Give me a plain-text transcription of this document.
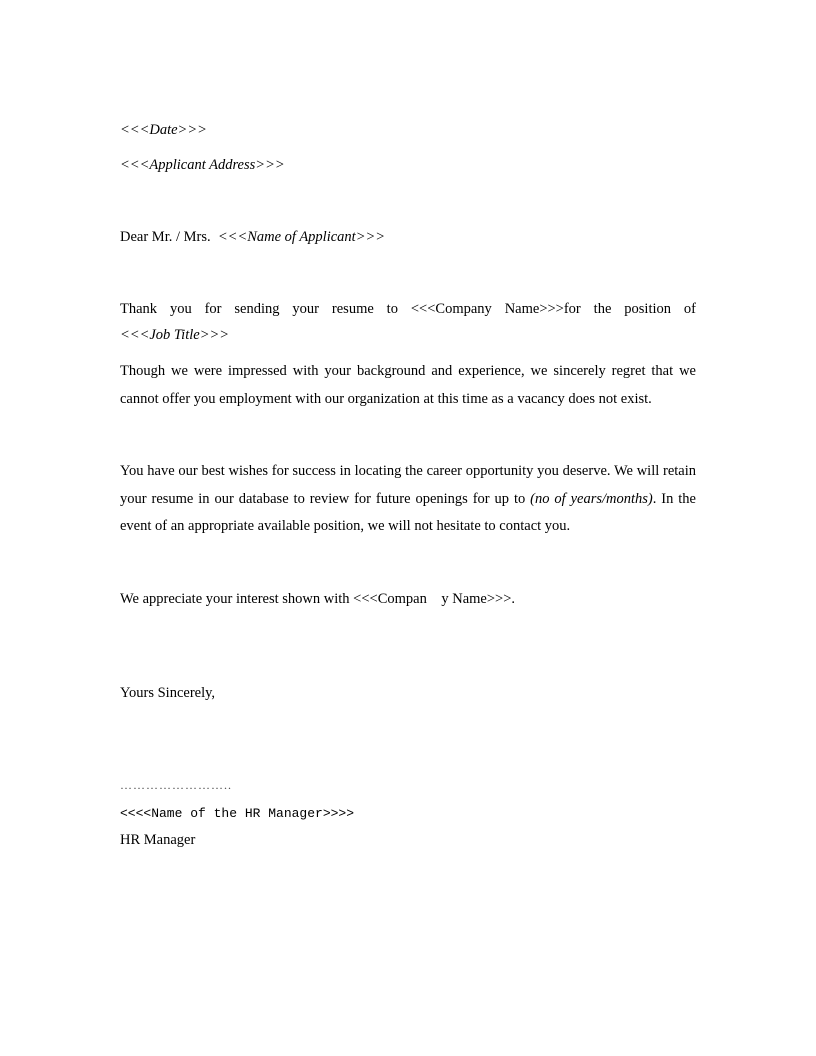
<<<Date>>>

<<<Applicant Address>>>

Dear Mr. / Mrs. <<<Name of Applicant>>>

Thank you for sending your resume to <<<Company Name>>>for the position of
<<<Job Title>>>

Though we were impressed with your background and experience, we sincerely regret that we cannot offer you employment with our organization at this time as a vacancy does not exist.

You have our best wishes for success in locating the career opportunity you deserve. We will retain your resume in our database to review for future openings for up to (no of years/months). In the event of an appropriate available position, we will not hesitate to contact you.

We appreciate your interest shown with <<<Compan    y Name>>>.

Yours Sincerely,

……………………..

<<<<Name of the HR Manager>>>>

HR Manager
